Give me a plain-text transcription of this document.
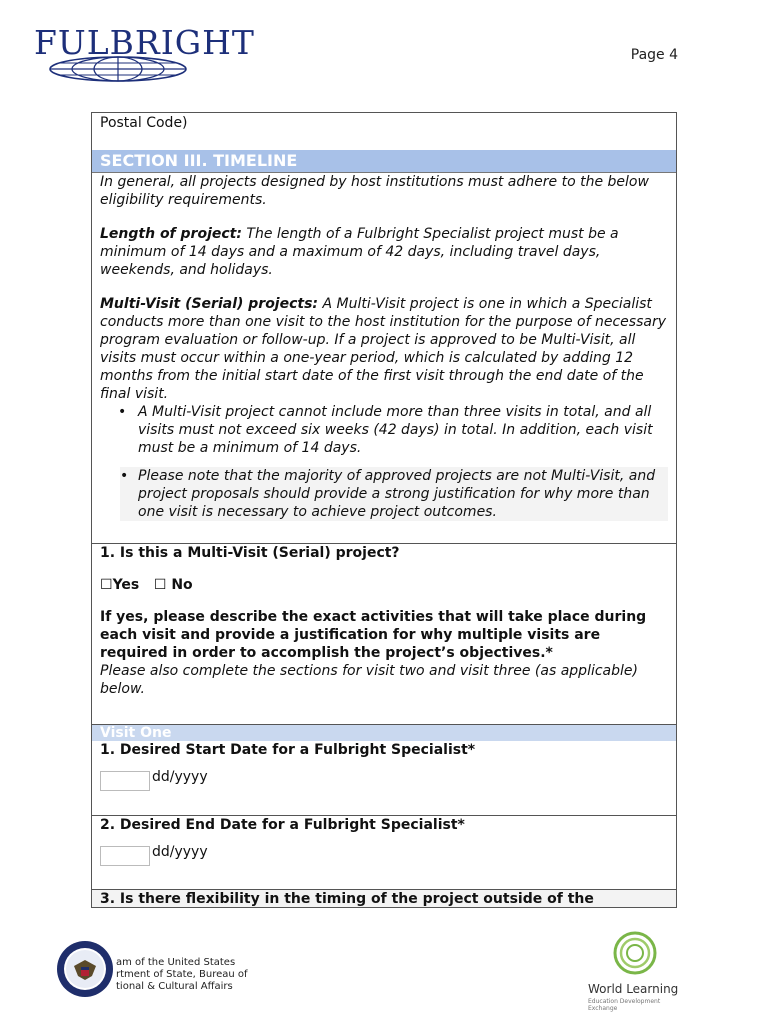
FULBRIGHT	Page 4
Postal Code)
SECTION III. TIMELINE

In general, all projects designed by host institutions must adhere to the below eligibility requirements.

Length of project: The length of a Fulbright Specialist project must be a minimum of 14 days and a maximum of 42 days, including travel days, weekends, and holidays.

Multi-Visit (Serial) projects: A Multi-Visit project is one in which a Specialist conducts more than one visit to the host institution for the purpose of necessary program evaluation or follow-up. If a project is approved to be Multi-Visit, all visits must occur within a one-year period, which is calculated by adding 12 months from the initial start date of the first visit through the end date of the final visit.

• A Multi-Visit project cannot include more than three visits in total, and all visits must not exceed six weeks (42 days) in total. In addition, each visit must be a minimum of 14 days.
• Please note that the majority of approved projects are not Multi-Visit, and project proposals should provide a strong justification for why more than one visit is necessary to achieve project outcomes.
1. Is this a Multi-Visit (Serial) project?
☐Yes ☐ No
If yes, please describe the exact activities that will take place during each visit and provide a justification for why multiple visits are required in order to accomplish the project’s objectives.*
Please also complete the sections for visit two and visit three (as applicable) below.
Visit One
1. Desired Start Date for a Fulbright Specialist*
dd/yyyy
2. Desired End Date for a Fulbright Specialist*
dd/yyyy
3. Is there flexibility in the timing of the project outside of the
am of the United States
rtment of State, Bureau of
tional & Cultural Affairs	World Learning
Education Development Exchange
